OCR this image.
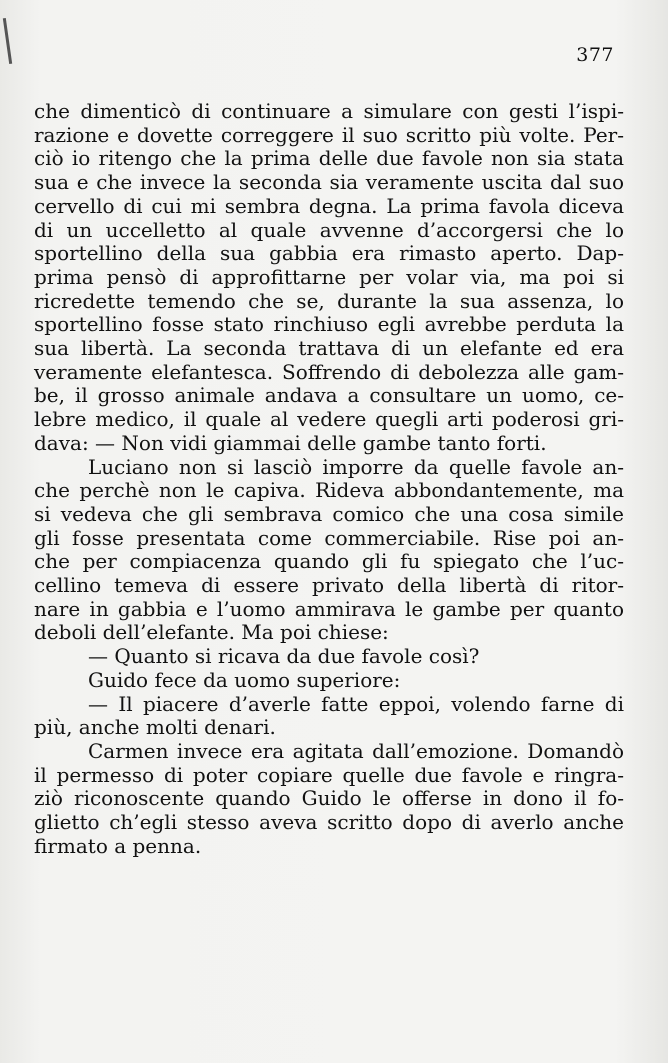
377
che dimenticò di continuare a simulare con gesti l’ispi-
razione e dovette correggere il suo scritto più volte. Per-
ciò io ritengo che la prima delle due favole non sia stata
sua e che invece la seconda sia veramente uscita dal suo
cervello di cui mi sembra degna. La prima favola diceva
di un uccelletto al quale avvenne d’accorgersi che lo
sportellino della sua gabbia era rimasto aperto. Dap-
prima pensò di approfittarne per volar via, ma poi si
ricredette temendo che se, durante la sua assenza, lo
sportellino fosse stato rinchiuso egli avrebbe perduta la
sua libertà. La seconda trattava di un elefante ed era
veramente elefantesca. Soffrendo di debolezza alle gam-
be, il grosso animale andava a consultare un uomo, ce-
lebre medico, il quale al vedere quegli arti poderosi gri-
dava: — Non vidi giammai delle gambe tanto forti.
Luciano non si lasciò imporre da quelle favole an-
che perchè non le capiva. Rideva abbondantemente, ma
si vedeva che gli sembrava comico che una cosa simile
gli fosse presentata come commerciabile. Rise poi an-
che per compiacenza quando gli fu spiegato che l’uc-
cellino temeva di essere privato della libertà di ritor-
nare in gabbia e l’uomo ammirava le gambe per quanto
deboli dell’elefante. Ma poi chiese:
— Quanto si ricava da due favole così?
Guido fece da uomo superiore:
— Il piacere d’averle fatte eppoi, volendo farne di
più, anche molti denari.
Carmen invece era agitata dall’emozione. Domandò
il permesso di poter copiare quelle due favole e ringra-
ziò riconoscente quando Guido le offerse in dono il fo-
glietto ch’egli stesso aveva scritto dopo di averlo anche
firmato a penna.
